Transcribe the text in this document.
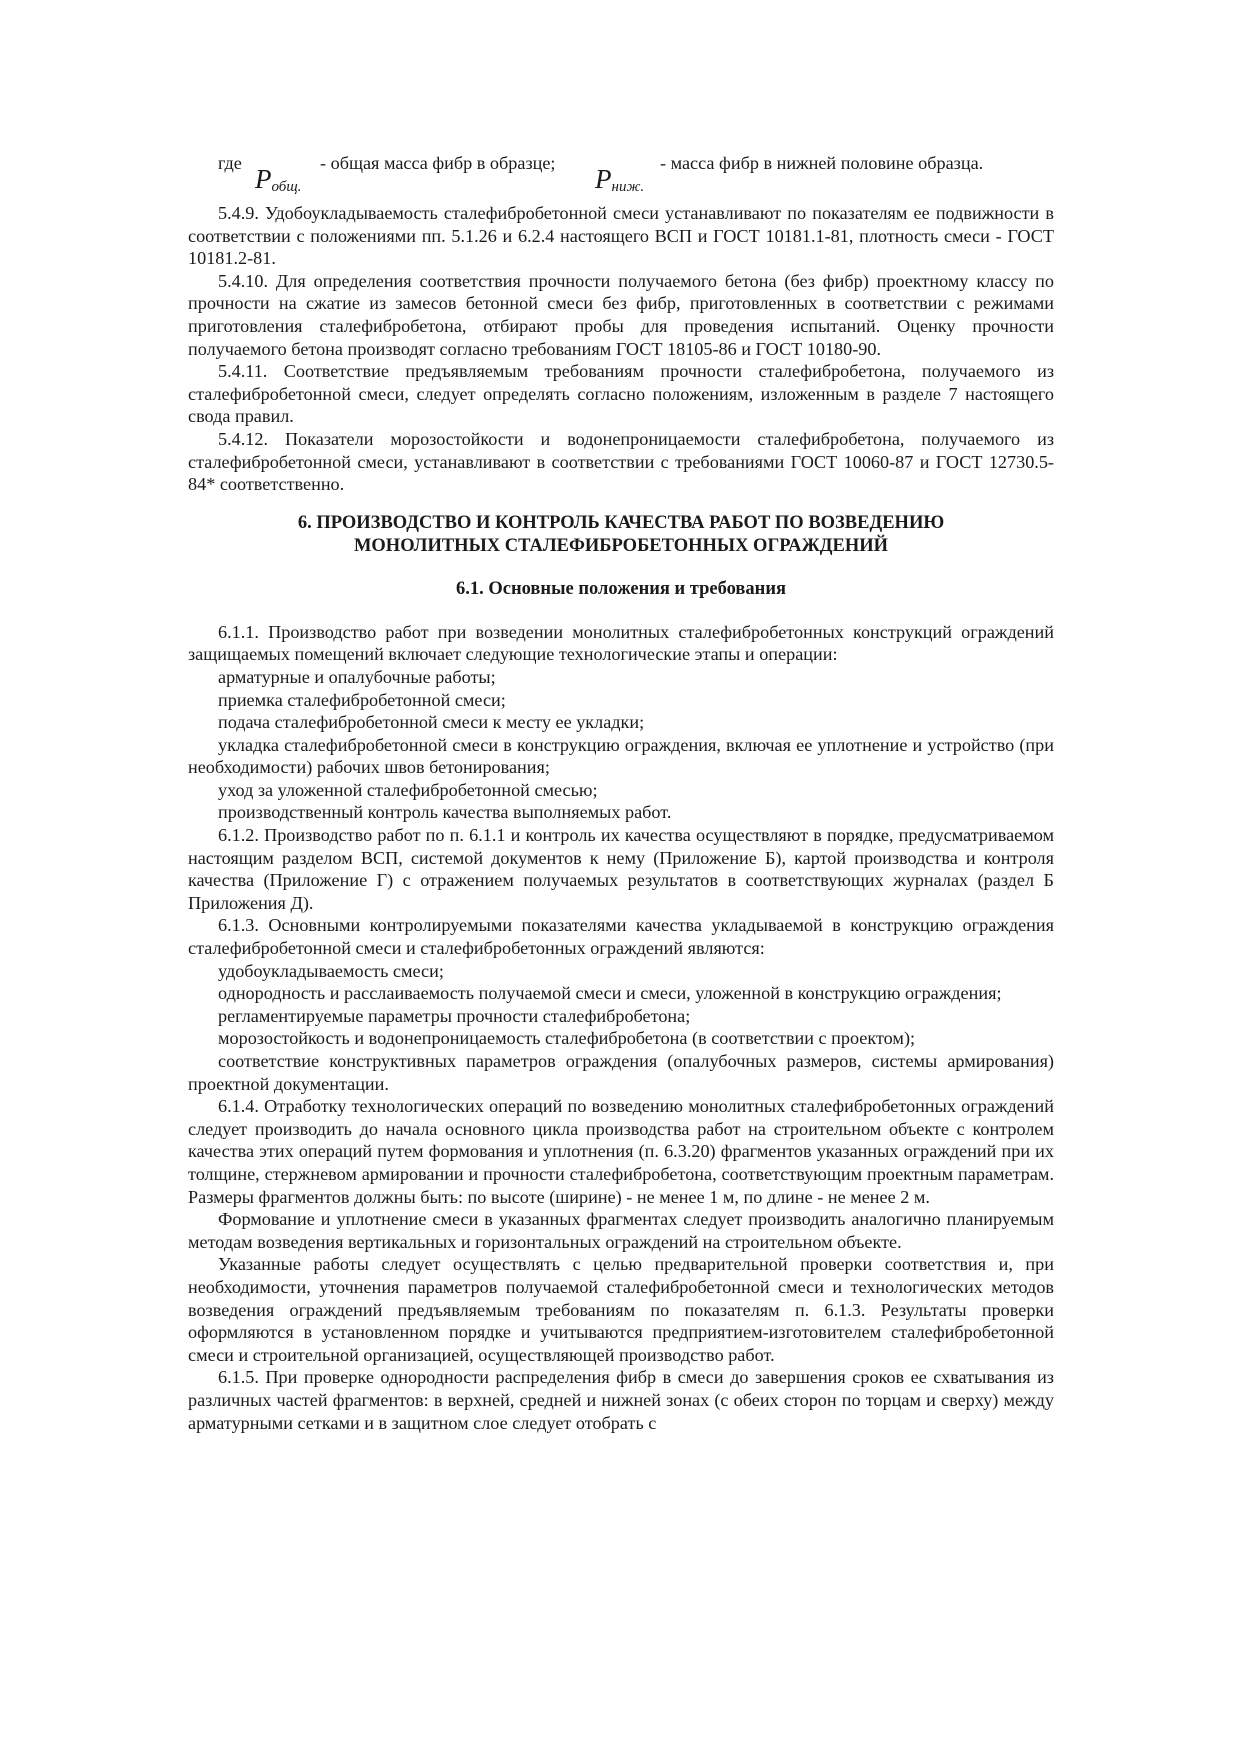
где
$P_{общ.}$
- общая масса фибр в образце;
$P_{ниж.}$
- масса фибр в нижней половине образца.

5.4.9. Удобоукладываемость сталефибробетонной смеси устанавливают по показателям ее подвижности в соответствии с положениями пп. 5.1.26 и 6.2.4 настоящего ВСП и ГОСТ 10181.1-81, плотность смеси - ГОСТ 10181.2-81.

5.4.10. Для определения соответствия прочности получаемого бетона (без фибр) проектному классу по прочности на сжатие из замесов бетонной смеси без фибр, приготовленных в соответствии с режимами приготовления сталефибробетона, отбирают пробы для проведения испытаний. Оценку прочности получаемого бетона производят согласно требованиям ГОСТ 18105-86 и ГОСТ 10180-90.

5.4.11. Соответствие предъявляемым требованиям прочности сталефибробетона, получаемого из сталефибробетонной смеси, следует определять согласно положениям, изложенным в разделе 7 настоящего свода правил.

5.4.12. Показатели морозостойкости и водонепроницаемости сталефибробетона, получаемого из сталефибробетонной смеси, устанавливают в соответствии с требованиями ГОСТ 10060-87 и ГОСТ 12730.5-84* соответственно.

6. ПРОИЗВОДСТВО И КОНТРОЛЬ КАЧЕСТВА РАБОТ ПО ВОЗВЕДЕНИЮ
МОНОЛИТНЫХ СТАЛЕФИБРОБЕТОННЫХ ОГРАЖДЕНИЙ
6.1. Основные положения и требования

6.1.1. Производство работ при возведении монолитных сталефибробетонных конструкций ограждений защищаемых помещений включает следующие технологические этапы и операции:

арматурные и опалубочные работы;

приемка сталефибробетонной смеси;

подача сталефибробетонной смеси к месту ее укладки;

укладка сталефибробетонной смеси в конструкцию ограждения, включая ее уплотнение и устройство (при необходимости) рабочих швов бетонирования;

уход за уложенной сталефибробетонной смесью;

производственный контроль качества выполняемых работ.

6.1.2. Производство работ по п. 6.1.1 и контроль их качества осуществляют в порядке, предусматриваемом настоящим разделом ВСП, системой документов к нему (Приложение Б), картой производства и контроля качества (Приложение Г) с отражением получаемых результатов в соответствующих журналах (раздел Б Приложения Д).

6.1.3. Основными контролируемыми показателями качества укладываемой в конструкцию ограждения сталефибробетонной смеси и сталефибробетонных ограждений являются:

удобоукладываемость смеси;

однородность и расслаиваемость получаемой смеси и смеси, уложенной в конструкцию ограждения;

регламентируемые параметры прочности сталефибробетона;

морозостойкость и водонепроницаемость сталефибробетона (в соответствии с проектом);

соответствие конструктивных параметров ограждения (опалубочных размеров, системы армирования) проектной документации.

6.1.4. Отработку технологических операций по возведению монолитных сталефибробетонных ограждений следует производить до начала основного цикла производства работ на строительном объекте с контролем качества этих операций путем формования и уплотнения (п. 6.3.20) фрагментов указанных ограждений при их толщине, стержневом армировании и прочности сталефибробетона, соответствующим проектным параметрам. Размеры фрагментов должны быть: по высоте (ширине) - не менее 1 м, по длине - не менее 2 м.

Формование и уплотнение смеси в указанных фрагментах следует производить аналогично планируемым методам возведения вертикальных и горизонтальных ограждений на строительном объекте.

Указанные работы следует осуществлять с целью предварительной проверки соответствия и, при необходимости, уточнения параметров получаемой сталефибробетонной смеси и технологических методов возведения ограждений предъявляемым требованиям по показателям п. 6.1.3. Результаты проверки оформляются в установленном порядке и учитываются предприятием-изготовителем сталефибробетонной смеси и строительной организацией, осуществляющей производство работ.

6.1.5. При проверке однородности распределения фибр в смеси до завершения сроков ее схватывания из различных частей фрагментов: в верхней, средней и нижней зонах (с обеих сторон по торцам и сверху) между арматурными сетками и в защитном слое следует отобрать с
